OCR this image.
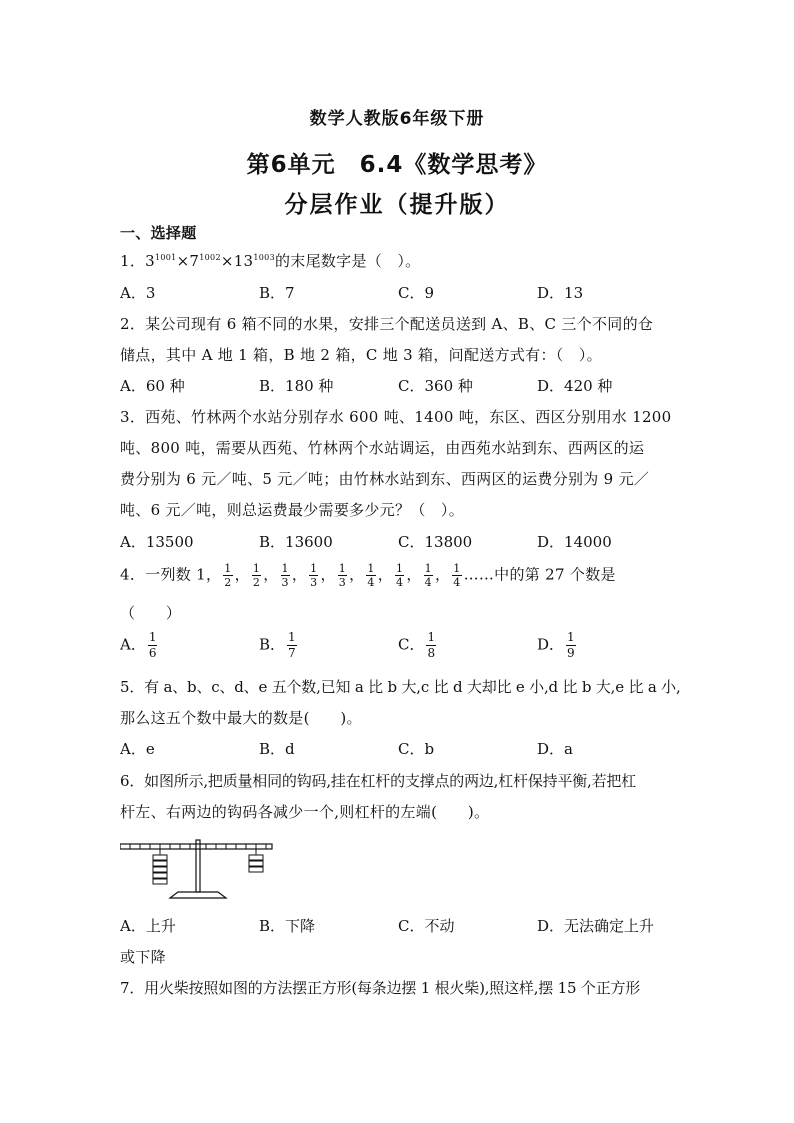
数学人教版6年级下册
第6单元　6.4《数学思考》
分层作业（提升版）
一、选择题
1．$3^{1001}\times 7^{1002}\times 13^{1003}$的末尾数字是（　）。
A．3	B．7	C．9	D．13
2．某公司现有 6 箱不同的水果，安排三个配送员送到 A、B、C 三个不同的仓
储点，其中 A 地 1 箱，B 地 2 箱，C 地 3 箱，问配送方式有：（　）。
A．60 种	B．180 种	C．360 种	D．420 种
3．西苑、竹林两个水站分别存水 600 吨、1400 吨，东区、西区分别用水 1200
吨、800 吨，需要从西苑、竹林两个水站调运，由西苑水站到东、西两区的运
费分别为 6 元／吨、5 元／吨；由竹林水站到东、西两区的运费分别为 9 元／
吨、6 元／吨，则总运费最少需要多少元？（　）。
A．13500	B．13600	C．13800	D．14000
4．一列数 1， $\frac{1}{2}$ ， $\frac{1}{2}$ ， $\frac{1}{3}$ ， $\frac{1}{3}$ ， $\frac{1}{3}$ ， $\frac{1}{4}$ ， $\frac{1}{4}$ ， $\frac{1}{4}$ ， $\frac{1}{4}$ ……中的第 27 个数是
（　　）
A． $\frac{1}{6}$	B． $\frac{1}{7}$	C． $\frac{1}{8}$	D． $\frac{1}{9}$
5．有 a、b、c、d、e 五个数,已知 a 比 b 大,c 比 d 大却比 e 小,d 比 b 大,e 比 a 小,
那么这五个数中最大的数是(　　)。
A．e	B．d	C．b	D．a
6．如图所示,把质量相同的钩码,挂在杠杆的支撑点的两边,杠杆保持平衡,若把杠
杆左、右两边的钩码各减少一个,则杠杆的左端(　　)。
A．上升	B．下降	C．不动	D．无法确定上升
或下降
7．用火柴按照如图的方法摆正方形(每条边摆 1 根火柴),照这样,摆 15 个正方形
